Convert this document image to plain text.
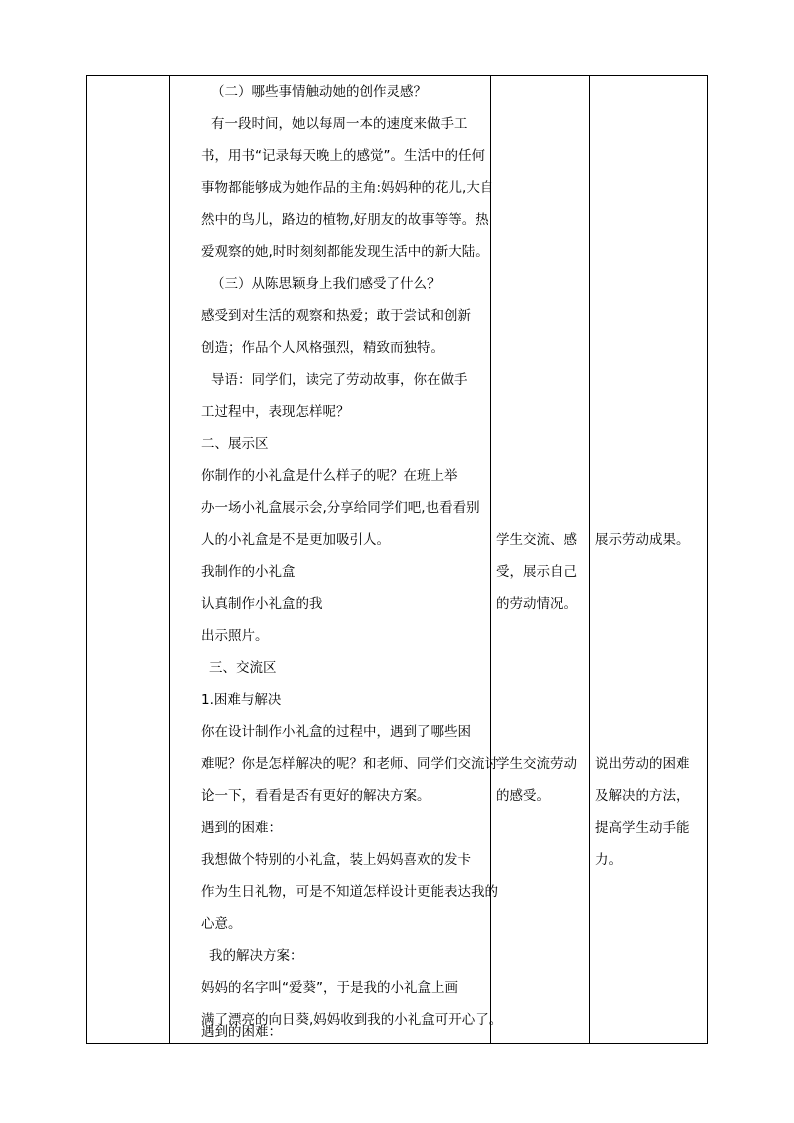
（二）哪些事情触动她的创作灵感？
有一段时间，她以每周一本的速度来做手工
书，用书“记录每天晚上的感觉”。生活中的任何
事物都能够成为她作品的主角:妈妈种的花儿,大自
然中的鸟儿，路边的植物,好朋友的故事等等。热
爱观察的她,时时刻刻都能发现生活中的新大陆。
（三）从陈思颖身上我们感受了什么？
感受到对生活的观察和热爱；敢于尝试和创新
创造；作品个人风格强烈，精致而独特。
导语：同学们，读完了劳动故事，你在做手
工过程中，表现怎样呢？
二、展示区
你制作的小礼盒是什么样子的呢？在班上举
办一场小礼盒展示会,分享给同学们吧,也看看别
人的小礼盒是不是更加吸引人。
我制作的小礼盒
认真制作小礼盒的我
出示照片。
三、交流区
1.困难与解决
你在设计制作小礼盒的过程中，遇到了哪些困
难呢？你是怎样解决的呢？和老师、同学们交流讨
论一下，看看是否有更好的解决方案。
遇到的困难：
我想做个特别的小礼盒，装上妈妈喜欢的发卡
作为生日礼物，可是不知道怎样设计更能表达我的
心意。
我的解决方案：
妈妈的名字叫“爱葵”，于是我的小礼盒上画
满了漂亮的向日葵,妈妈收到我的小礼盒可开心了。
遇到的困难：
学生交流、感
受，展示自己
的劳动情况。
学生交流劳动
的感受。
展示劳动成果。
说出劳动的困难
及解决的方法，
提高学生动手能
力。
